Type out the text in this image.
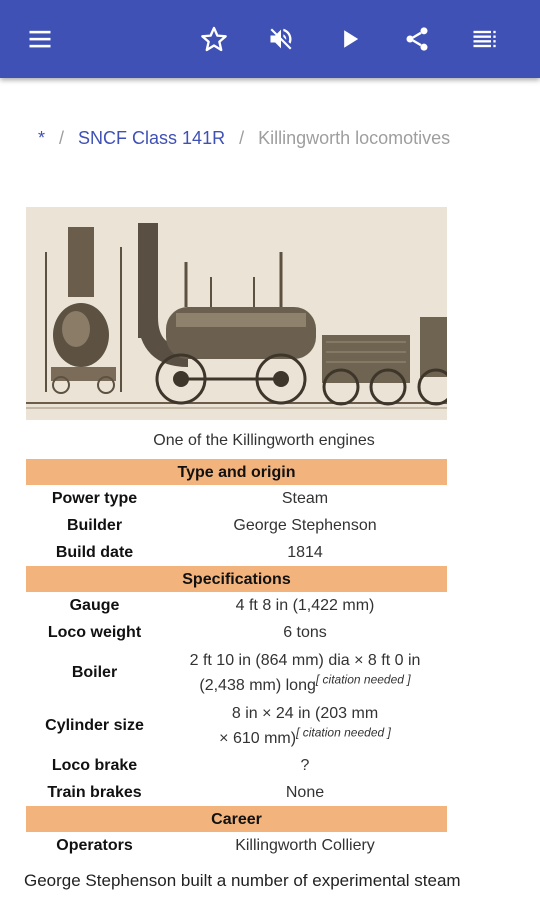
* / SNCF Class 141R / Killingworth locomotives
One of the Killingworth engines
Type and origin	
Power type	Steam
Builder	George Stephenson
Build date	1814
Specifications	
Gauge	4 ft 8 in (1,422 mm)
Loco weight	6 tons
Boiler	2 ft 10 in (864 mm) dia × 8 ft 0 in
(2,438 mm) long[ citation needed ]
Cylinder size	8 in × 24 in (203 mm
× 610 mm)[ citation needed ]
Loco brake	?
Train brakes	None
Career	
Operators	Killingworth Colliery
George Stephenson built a number of experimental steam
